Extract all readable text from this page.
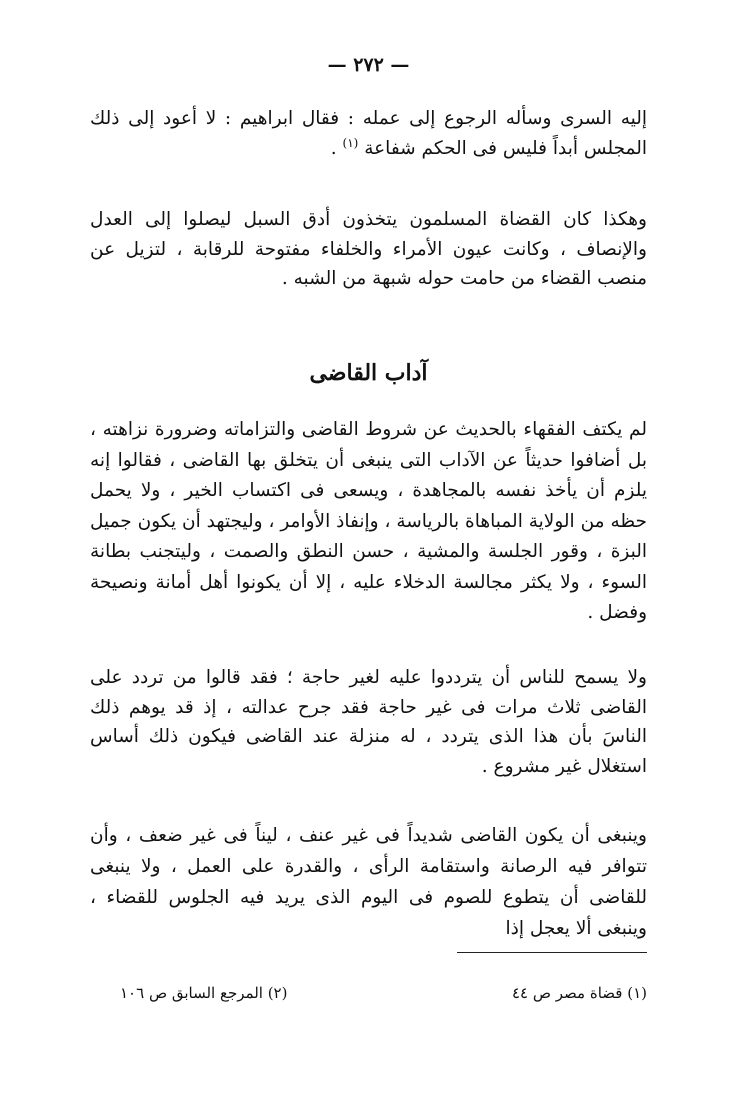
— ٢٧٢ —

إليه السرى وسأله الرجوع إلى عمله : فقال ابراهيم : لا أعود إلى ذلك المجلس أبداً فليس فى الحكم شفاعة $^{(١)}$ .

وهكذا كان القضاة المسلمون يتخذون أدق السبل ليصلوا إلى العدل والإنصاف ، وكانت عيون الأمراء والخلفاء مفتوحة للرقابة ، لتزيل عن منصب القضاء من حامت حوله شبهة من الشبه .

آداب القاضى

لم يكتف الفقهاء بالحديث عن شروط القاضى والتزاماته وضرورة نزاهته ، بل أضافوا حديثاً عن الآداب التى ينبغى أن يتخلق بها القاضى ، فقالوا إنه يلزم أن يأخذ نفسه بالمجاهدة ، ويسعى فى اكتساب الخير ، ولا يحمل حظه من الولاية المباهاة بالرياسة ، وإنفاذ الأوامر ، وليجتهد أن يكون جميل البزة ، وقور الجلسة والمشية ، حسن النطق والصمت ، وليتجنب بطانة السوء ، ولا يكثر مجالسة الدخلاء عليه ، إلا أن يكونوا أهل أمانة ونصيحة وفضل .

ولا يسمح للناس أن يترددوا عليه لغير حاجة ؛ فقد قالوا من تردد على القاضى ثلاث مرات فى غير حاجة فقد جرح عدالته ، إذ قد يوهم ذلك الناسَ بأن هذا الذى يتردد ، له منزلة عند القاضى فيكون ذلك أساس استغلال غير مشروع .

وينبغى أن يكون القاضى شديداً فى غير عنف ، ليناً فى غير ضعف ، وأن تتوافر فيه الرصانة واستقامة الرأى ، والقدرة على العمل ، ولا ينبغى للقاضى أن يتطوع للصوم فى اليوم الذى يريد فيه الجلوس للقضاء ، وينبغى ألا يعجل إذا

(١) قضاة مصر ص ٤٤
(٢) المرجع السابق ص ١٠٦
